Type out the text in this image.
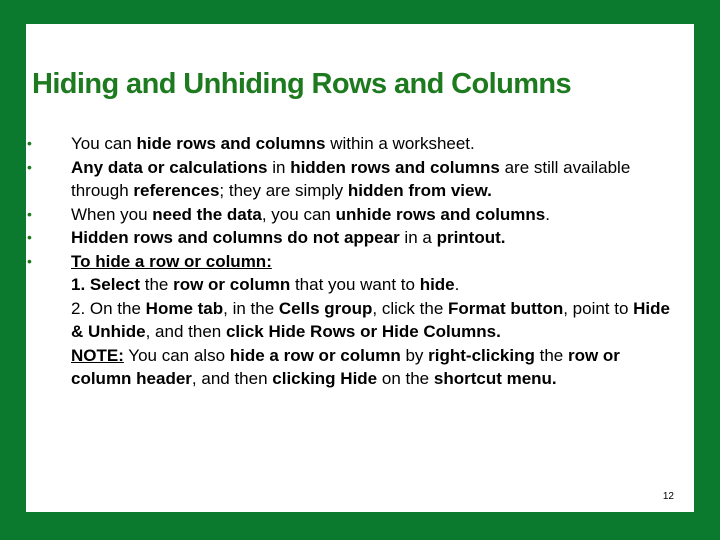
Hiding and Unhiding Rows and Columns
•	You can hide rows and columns within a worksheet.
•	Any data or calculations in hidden rows and columns are still available through references; they are simply hidden from view.
•	When you need the data, you can unhide rows and columns.
•	Hidden rows and columns do not appear in a printout.
•	To hide a row or column:
1. Select the row or column that you want to hide.
2. On the Home tab, in the Cells group, click the Format button, point to Hide & Unhide, and then click Hide Rows or Hide Columns.
NOTE: You can also hide a row or column by right-clicking the row or column header, and then clicking Hide on the shortcut menu.
12
